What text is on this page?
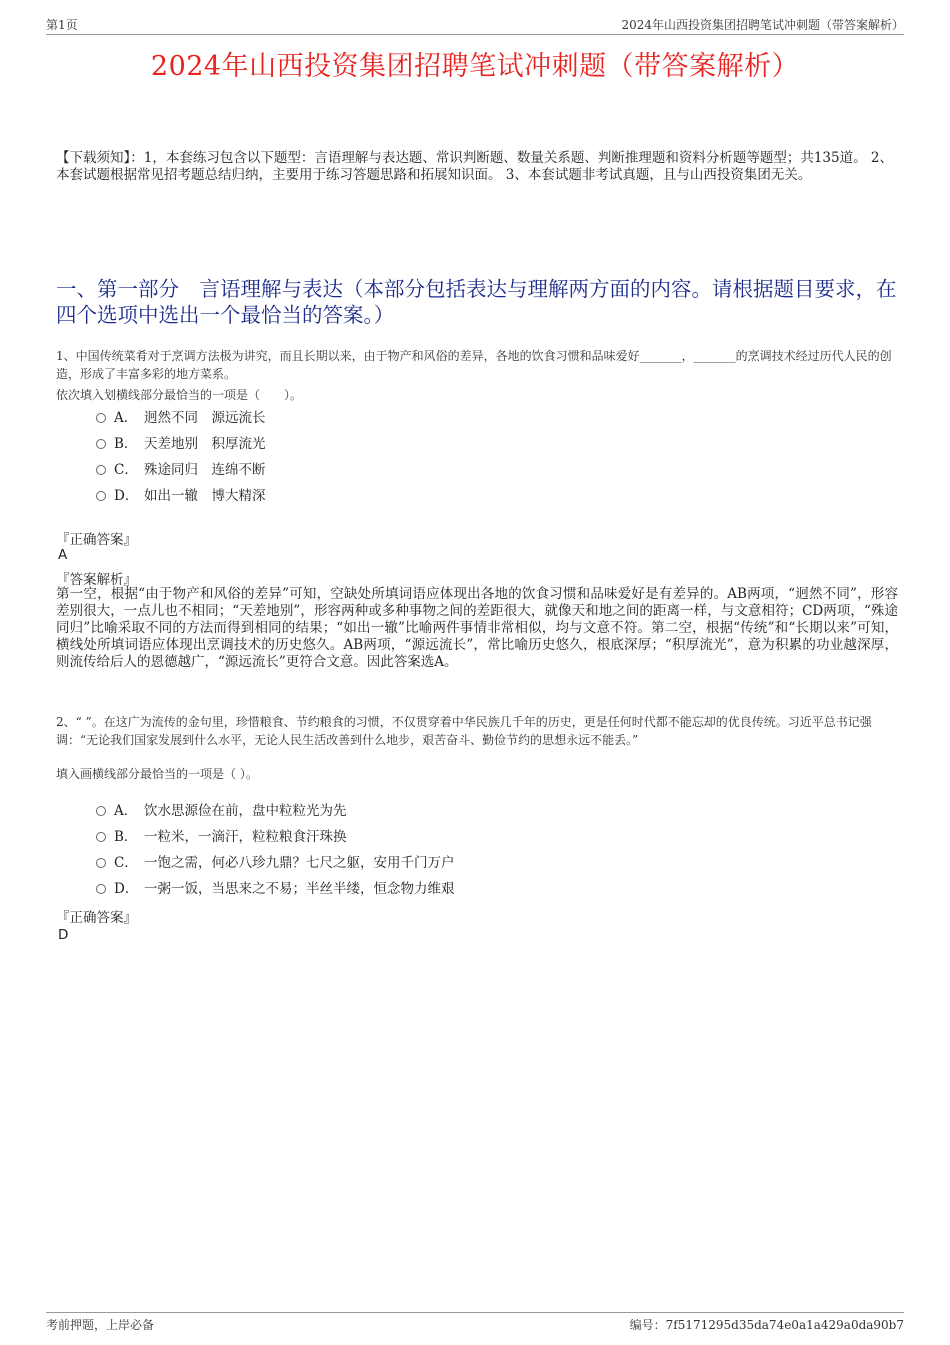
第1页	2024年山西投资集团招聘笔试冲刺题（带答案解析）
2024年山西投资集团招聘笔试冲刺题（带答案解析）
【下载须知】：1，本套练习包含以下题型：言语理解与表达题、常识判断题、数量关系题、判断推理题和资料分析题等题型；共135道。 2、本套试题根据常见招考题总结归纳，主要用于练习答题思路和拓展知识面。 3、本套试题非考试真题，且与山西投资集团无关。
一、第一部分　言语理解与表达（本部分包括表达与理解两方面的内容。请根据题目要求，在四个选项中选出一个最恰当的答案。）
1、中国传统菜肴对于烹调方法极为讲究，而且长期以来，由于物产和风俗的差异，各地的饮食习惯和品味爱好_______，_______的烹调技术经过历代人民的创造，形成了丰富多彩的地方菜系。
依次填入划横线部分最恰当的一项是（　　）。
A． 迥然不同　源远流长
B． 天差地别　积厚流光
C． 殊途同归　连绵不断
D． 如出一辙　博大精深
『正确答案』
A
『答案解析』
第一空，根据“由于物产和风俗的差异”可知，空缺处所填词语应体现出各地的饮食习惯和品味爱好是有差异的。AB两项，“迥然不同”，形容差别很大，一点儿也不相同；“天差地别”，形容两种或多种事物之间的差距很大，就像天和地之间的距离一样，与文意相符；CD两项，“殊途同归”比喻采取不同的方法而得到相同的结果；“如出一辙”比喻两件事情非常相似，均与文意不符。第二空，根据“传统”和“长期以来”可知，横线处所填词语应体现出烹调技术的历史悠久。AB两项，“源远流长”，常比喻历史悠久，根底深厚；“积厚流光”，意为积累的功业越深厚，则流传给后人的恩德越广，“源远流长”更符合文意。因此答案选A。
2、“ ”。在这广为流传的金句里，珍惜粮食、节约粮食的习惯，不仅贯穿着中华民族几千年的历史，更是任何时代都不能忘却的优良传统。习近平总书记强调：“无论我们国家发展到什么水平，无论人民生活改善到什么地步，艰苦奋斗、勤俭节约的思想永远不能丢。”
填入画横线部分最恰当的一项是（ ）。
A． 饮水思源俭在前，盘中粒粒光为先
B． 一粒米，一滴汗，粒粒粮食汗珠换
C． 一饱之需，何必八珍九鼎？七尺之躯，安用千门万户
D． 一粥一饭，当思来之不易；半丝半缕，恒念物力维艰
『正确答案』
D
考前押题，上岸必备	编号：7f5171295d35da74e0a1a429a0da90b7
